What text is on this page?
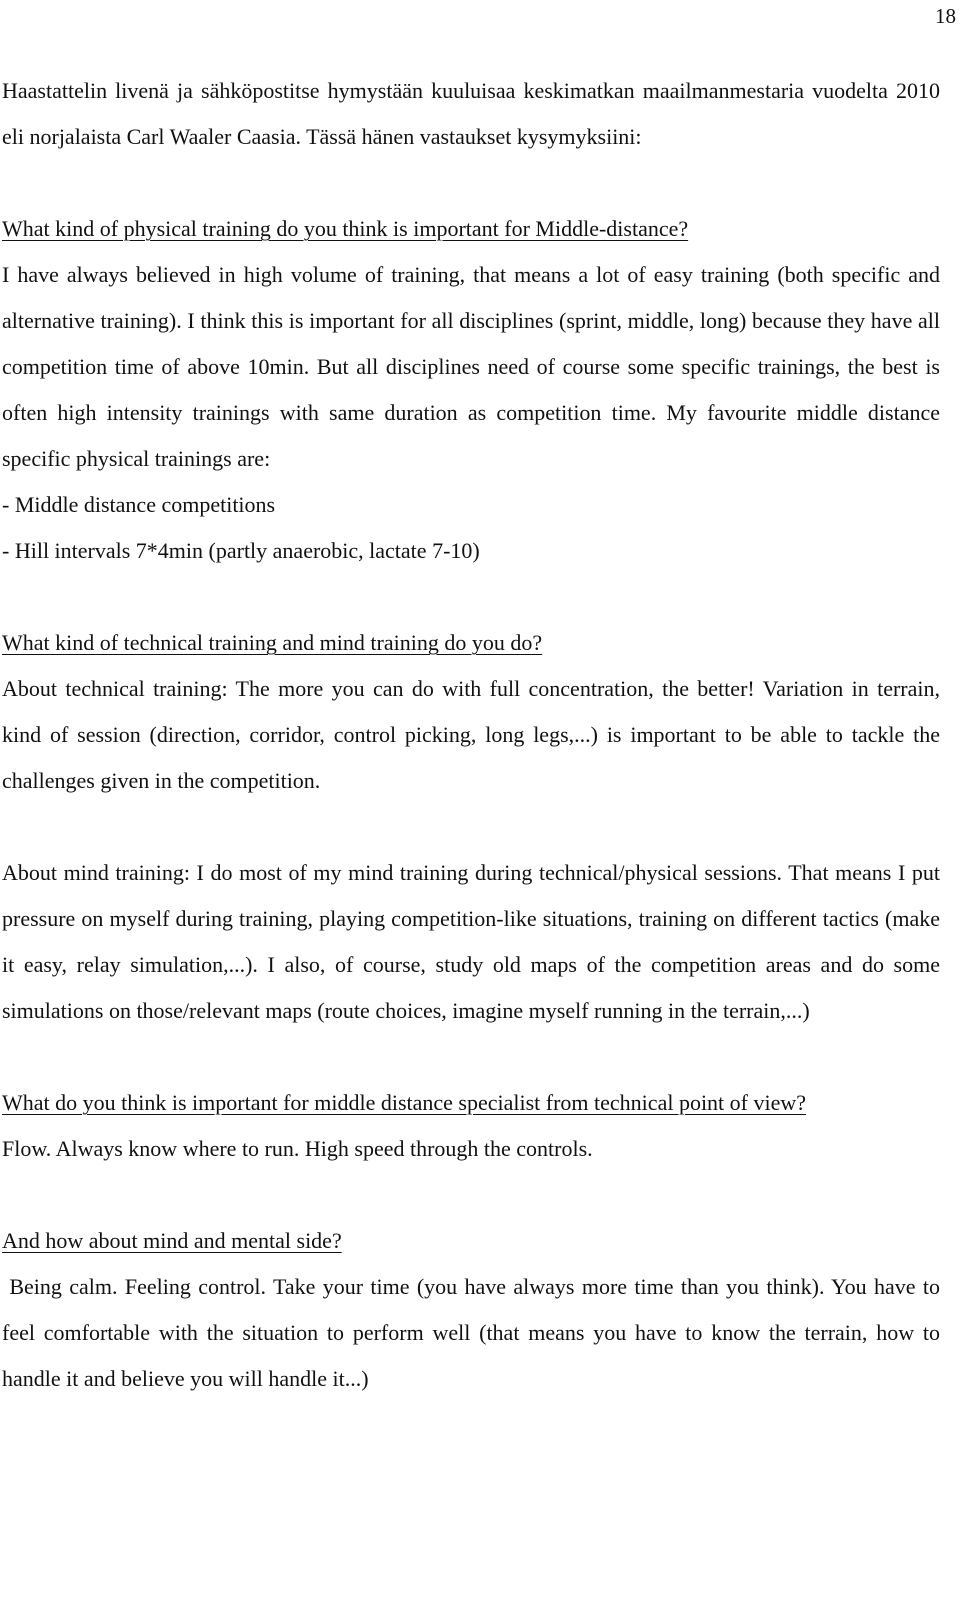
18

Haastattelin livenä ja sähköpostitse hymystään kuuluisaa keskimatkan maailmanmestaria vuodelta 2010 eli norjalaista Carl Waaler Caasia. Tässä hänen vastaukset kysymyksiini:

What kind of physical training do you think is important for Middle-distance?

I have always believed in high volume of training, that means a lot of easy training (both specific and alternative training). I think this is important for all disciplines (sprint, middle, long) because they have all competition time of above 10min. But all disciplines need of course some specific trainings, the best is often high intensity trainings with same duration as competition time. My favourite middle distance specific physical trainings are:

- Middle distance competitions

- Hill intervals 7*4min (partly anaerobic, lactate 7-10)

What kind of technical training and mind training do you do?

About technical training: The more you can do with full concentration, the better! Variation in terrain, kind of session (direction, corridor, control picking, long legs,...) is important to be able to tackle the challenges given in the competition.

About mind training: I do most of my mind training during technical/physical sessions. That means I put pressure on myself during training, playing competition-like situations, training on different tactics (make it easy, relay simulation,...). I also, of course, study old maps of the competition areas and do some simulations on those/relevant maps (route choices, imagine myself running in the terrain,...)

What do you think is important for middle distance specialist from technical point of view?

Flow. Always know where to run. High speed through the controls.

And how about mind and mental side?

Being calm. Feeling control. Take your time (you have always more time than you think). You have to feel comfortable with the situation to perform well (that means you have to know the terrain, how to handle it and believe you will handle it...)
